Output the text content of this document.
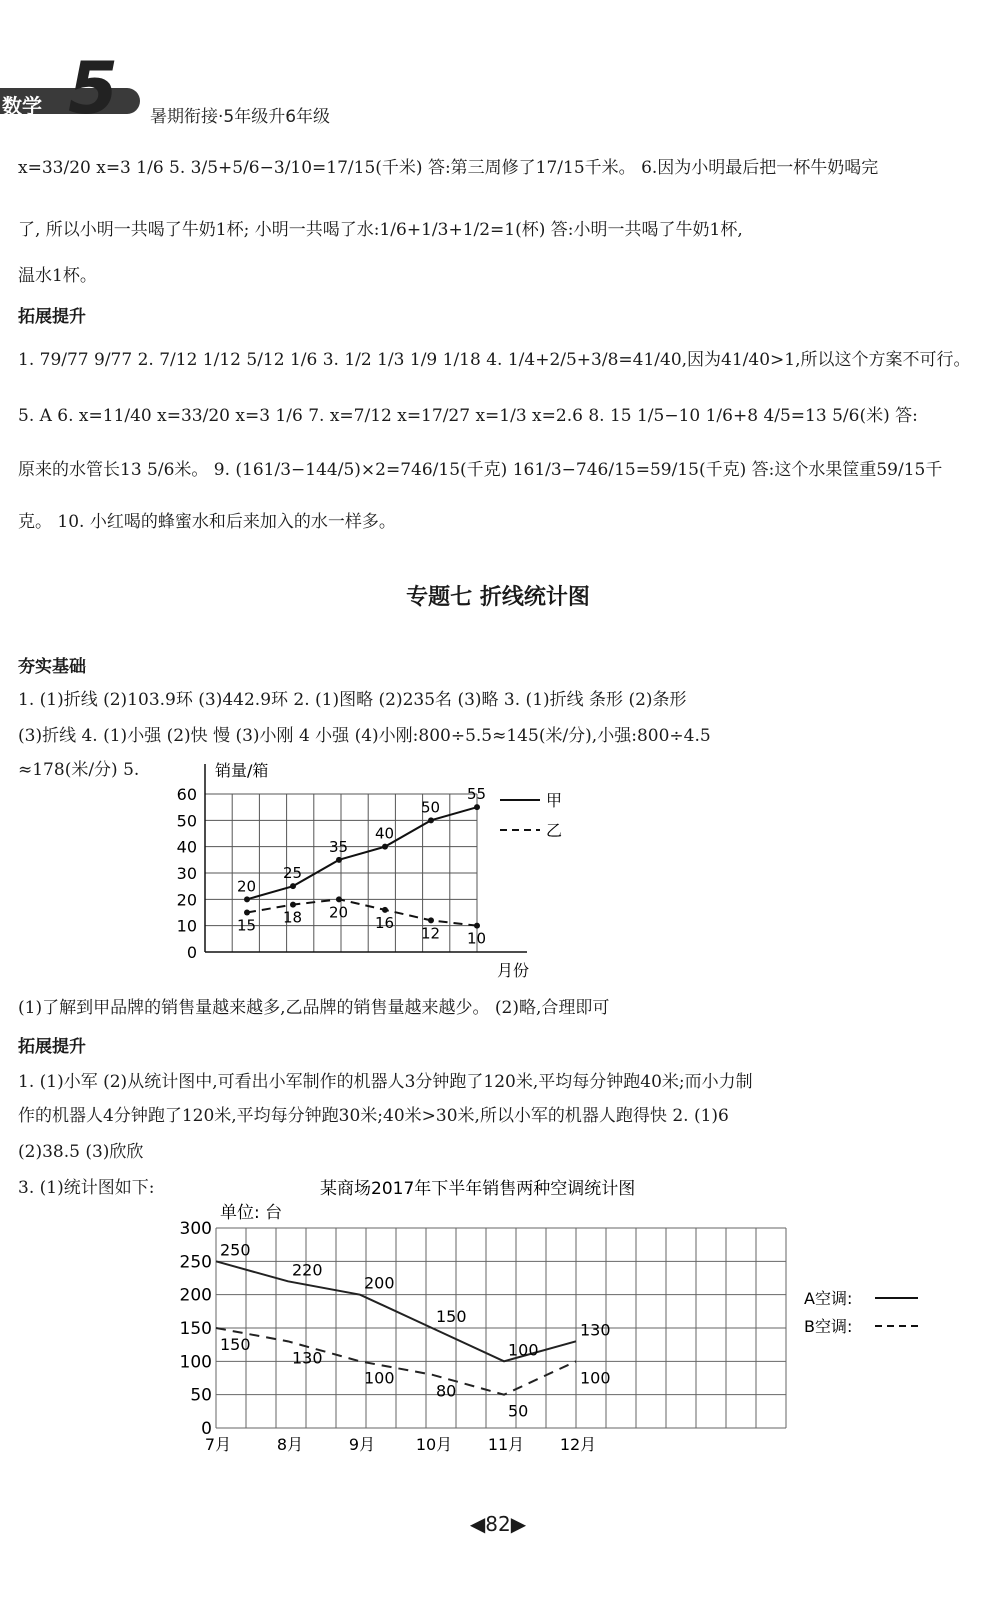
数学 5 暑期衔接·5年级升6年级
x=33/20 x=3 1/6 5. 3/5+5/6−3/10=17/15(千米) 答:第三周修了17/15千米。 6.因为小明最后把一杯牛奶喝完
了, 所以小明一共喝了牛奶1杯; 小明一共喝了水:1/6+1/3+1/2=1(杯) 答:小明一共喝了牛奶1杯,
温水1杯。
拓展提升
1. 79/77 9/77 2. 7/12 1/12 5/12 1/6 3. 1/2 1/3 1/9 1/18 4. 1/4+2/5+3/8=41/40,因为41/40>1,所以这个方案不可行。
5. A 6. x=11/40 x=33/20 x=3 1/6 7. x=7/12 x=17/27 x=1/3 x=2.6 8. 15 1/5−10 1/6+8 4/5=13 5/6(米) 答:
原来的水管长13 5/6米。 9. (161/3−144/5)×2=746/15(千克) 161/3−746/15=59/15(千克) 答:这个水果筐重59/15千
克。 10. 小红喝的蜂蜜水和后来加入的水一样多。
专题七 折线统计图
夯实基础
1. (1)折线 (2)103.9环 (3)442.9环 2. (1)图略 (2)235名 (3)略 3. (1)折线 条形 (2)条形
(3)折线 4. (1)小强 (2)快 慢 (3)小刚 4 小强 (4)小刚:800÷5.5≈145(米/分),小强:800÷4.5
≈178(米/分) 5.
0
10
20
30
40
50
60
销量/箱
月份
20
25
35
40
50
55
15 18 20
16
12 10
甲
乙
(1)了解到甲品牌的销售量越来越多,乙品牌的销售量越来越少。 (2)略,合理即可
拓展提升
1. (1)小军 (2)从统计图中,可看出小军制作的机器人3分钟跑了120米,平均每分钟跑40米;而小力制
作的机器人4分钟跑了120米,平均每分钟跑30米;40米>30米,所以小军的机器人跑得快 2. (1)6
(2)38.5 (3)欣欣
3. (1)统计图如下:	某商场2017年下半年销售两种空调统计图
单位: 台
0
50
100
150
200
250
300
7月	8月	9月	10月 11月 12月
250
220
200
150
100
130
150
130
100
80
50
100
A空调:
B空调:
◀82▶
